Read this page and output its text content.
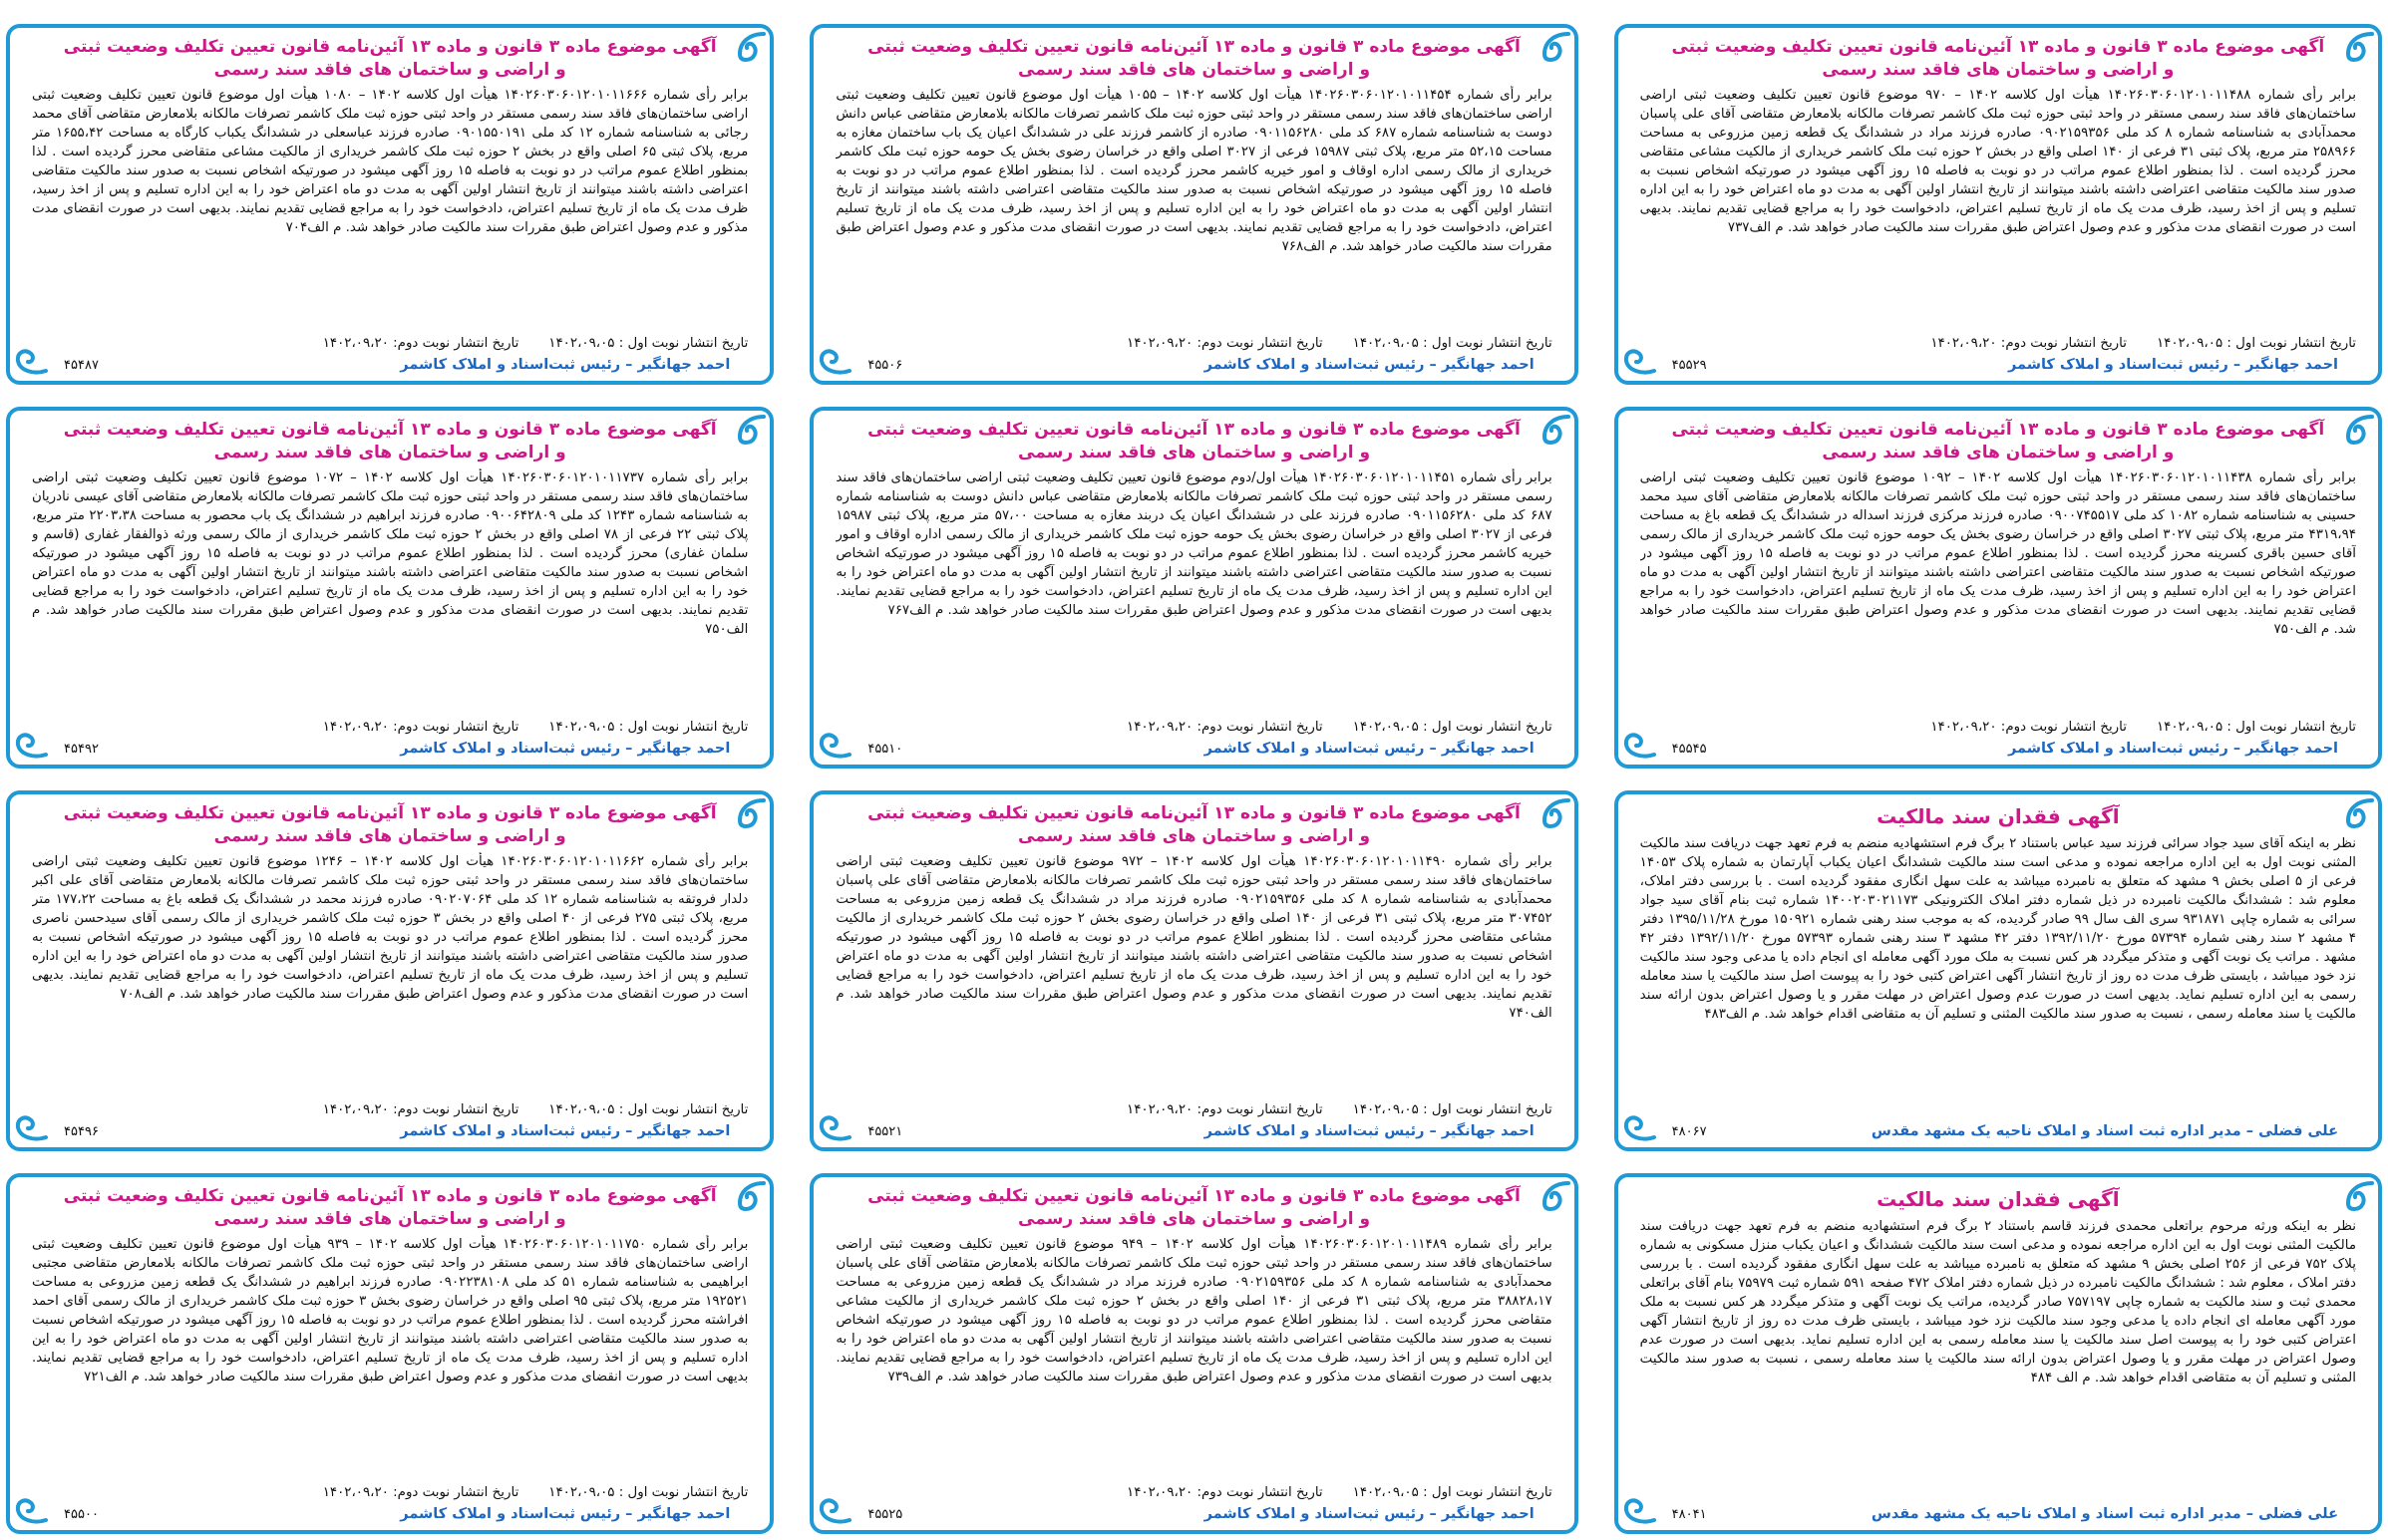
آگهی موضوع ماده ۳ قانون و ماده ۱۳ آئین‌نامه قانون تعیین تکلیف وضعیت ثبتی
و اراضی و ساختمان های فاقد سند رسمی

برابر رأی شماره ۱۴۰۲۶۰۳۰۶۰۱۲۰۱۰۱۱۴۸۸ هیأت اول کلاسه ۱۴۰۲ – ۹۷۰ موضوع قانون تعیین تکلیف وضعیت ثبتی اراضی ساختمان‌های فاقد سند رسمی مستقر در واحد ثبتی حوزه ثبت ملک کاشمر تصرفات مالکانه بلامعارض متقاضی آقای علی پاسبان محمدآبادی به شناسنامه شماره ۸ کد ملی ۰۹۰۲۱۵۹۳۵۶ صادره فرزند مراد در ششدانگ یک قطعه زمین مزروعی به مساحت ۲۵۸۹۶۶ متر مربع، پلاک ثبتی ۳۱ فرعی از ۱۴۰ اصلی واقع در بخش ۲ حوزه ثبت ملک کاشمر خریداری از مالکیت مشاعی متقاضی محرز گردیده است . لذا بمنظور اطلاع عموم مراتب در دو نوبت به فاصله ۱۵ روز آگهی میشود در صورتیکه اشخاص نسبت به صدور سند مالکیت متقاضی اعتراضی داشته باشند میتوانند از تاریخ انتشار اولین آگهی به مدت دو ماه اعتراض خود را به این اداره تسلیم و پس از اخذ رسید، ظرف مدت یک ماه از تاریخ تسلیم اعتراض، دادخواست خود را به مراجع قضایی تقدیم نمایند. بدیهی است در صورت انقضای مدت مذکور و عدم وصول اعتراض طبق مقررات سند مالکیت صادر خواهد شد. م الف۷۳۷

تاریخ انتشار نوبت اول : ۱۴۰۲،۰۹،۰۵تاریخ انتشار نوبت دوم: ۱۴۰۲،۰۹،۲۰

احمد جهانگیر – رئیس ثبت‌اسناد و املاک کاشمر
۴۵۵۲۹
آگهی موضوع ماده ۳ قانون و ماده ۱۳ آئین‌نامه قانون تعیین تکلیف وضعیت ثبتی
و اراضی و ساختمان های فاقد سند رسمی

برابر رأی شماره ۱۴۰۲۶۰۳۰۶۰۱۲۰۱۰۱۱۴۵۴ هیأت اول کلاسه ۱۴۰۲ – ۱۰۵۵ هیأت اول موضوع قانون تعیین تکلیف وضعیت ثبتی اراضی ساختمان‌های فاقد سند رسمی مستقر در واحد ثبتی حوزه ثبت ملک کاشمر تصرفات مالکانه بلامعارض متقاضی عباس دانش دوست به شناسنامه شماره ۶۸۷ کد ملی ۰۹۰۱۱۵۶۲۸۰ صادره از کاشمر فرزند علی در ششدانگ اعیان یک باب ساختمان مغازه به مساحت ۵۲،۱۵ متر مربع، پلاک ثبتی ۱۵۹۸۷ فرعی از ۳۰۲۷ اصلی واقع در خراسان رضوی بخش یک حومه حوزه ثبت ملک کاشمر خریداری از مالک رسمی اداره اوقاف و امور خیریه کاشمر محرز گردیده است . لذا بمنظور اطلاع عموم مراتب در دو نوبت به فاصله ۱۵ روز آگهی میشود در صورتیکه اشخاص نسبت به صدور سند مالکیت متقاضی اعتراضی داشته باشند میتوانند از تاریخ انتشار اولین آگهی به مدت دو ماه اعتراض خود را به این اداره تسلیم و پس از اخذ رسید، ظرف مدت یک ماه از تاریخ تسلیم اعتراض، دادخواست خود را به مراجع قضایی تقدیم نمایند. بدیهی است در صورت انقضای مدت مذکور و عدم وصول اعتراض طبق مقررات سند مالکیت صادر خواهد شد. م الف۷۶۸

تاریخ انتشار نوبت اول : ۱۴۰۲،۰۹،۰۵تاریخ انتشار نوبت دوم: ۱۴۰۲،۰۹،۲۰

احمد جهانگیر – رئیس ثبت‌اسناد و املاک کاشمر
۴۵۵۰۶
آگهی موضوع ماده ۳ قانون و ماده ۱۳ آئین‌نامه قانون تعیین تکلیف وضعیت ثبتی
و اراضی و ساختمان های فاقد سند رسمی

برابر رأی شماره ۱۴۰۲۶۰۳۰۶۰۱۲۰۱۰۱۱۶۶۶ هیأت اول کلاسه ۱۴۰۲ – ۱۰۸۰ هیأت اول موضوع قانون تعیین تکلیف وضعیت ثبتی اراضی ساختمان‌های فاقد سند رسمی مستقر در واحد ثبتی حوزه ثبت ملک کاشمر تصرفات مالکانه بلامعارض متقاضی آقای محمد رجائی به شناسنامه شماره ۱۲ کد ملی ۰۹۰۱۵۵۰۱۹۱ صادره فرزند عباسعلی در ششدانگ یکباب کارگاه به مساحت ۱۶۵۵،۴۲ متر مربع، پلاک ثبتی ۶۵ اصلی واقع در بخش ۲ حوزه ثبت ملک کاشمر خریداری از مالکیت مشاعی متقاضی محرز گردیده است . لذا بمنظور اطلاع عموم مراتب در دو نوبت به فاصله ۱۵ روز آگهی میشود در صورتیکه اشخاص نسبت به صدور سند مالکیت متقاضی اعتراضی داشته باشند میتوانند از تاریخ انتشار اولین آگهی به مدت دو ماه اعتراض خود را به این اداره تسلیم و پس از اخذ رسید، ظرف مدت یک ماه از تاریخ تسلیم اعتراض، دادخواست خود را به مراجع قضایی تقدیم نمایند. بدیهی است در صورت انقضای مدت مذکور و عدم وصول اعتراض طبق مقررات سند مالکیت صادر خواهد شد. م الف۷۰۴

تاریخ انتشار نوبت اول : ۱۴۰۲،۰۹،۰۵تاریخ انتشار نوبت دوم: ۱۴۰۲،۰۹،۲۰

احمد جهانگیر – رئیس ثبت‌اسناد و املاک کاشمر
۴۵۴۸۷
آگهی موضوع ماده ۳ قانون و ماده ۱۳ آئین‌نامه قانون تعیین تکلیف وضعیت ثبتی
و اراضی و ساختمان های فاقد سند رسمی

برابر رأی شماره ۱۴۰۲۶۰۳۰۶۰۱۲۰۱۰۱۱۴۳۸ هیأت اول کلاسه ۱۴۰۲ – ۱۰۹۲ موضوع قانون تعیین تکلیف وضعیت ثبتی اراضی ساختمان‌های فاقد سند رسمی مستقر در واحد ثبتی حوزه ثبت ملک کاشمر تصرفات مالکانه بلامعارض متقاضی آقای سید محمد حسینی به شناسنامه شماره ۱۰۸۲ کد ملی ۰۹۰۰۷۴۵۵۱۷ صادره فرزند مرکزی فرزند اسداله در ششدانگ یک قطعه باغ به مساحت ۴۳۱۹،۹۴ متر مربع، پلاک ثبتی ۳۰۲۷ اصلی واقع در خراسان رضوی بخش یک حومه حوزه ثبت ملک کاشمر خریداری از مالک رسمی آقای حسین باقری کسرینه محرز گردیده است . لذا بمنظور اطلاع عموم مراتب در دو نوبت به فاصله ۱۵ روز آگهی میشود در صورتیکه اشخاص نسبت به صدور سند مالکیت متقاضی اعتراضی داشته باشند میتوانند از تاریخ انتشار اولین آگهی به مدت دو ماه اعتراض خود را به این اداره تسلیم و پس از اخذ رسید، ظرف مدت یک ماه از تاریخ تسلیم اعتراض، دادخواست خود را به مراجع قضایی تقدیم نمایند. بدیهی است در صورت انقضای مدت مذکور و عدم وصول اعتراض طبق مقررات سند مالکیت صادر خواهد شد. م الف۷۵۰

تاریخ انتشار نوبت اول : ۱۴۰۲،۰۹،۰۵تاریخ انتشار نوبت دوم: ۱۴۰۲،۰۹،۲۰

احمد جهانگیر – رئیس ثبت‌اسناد و املاک کاشمر
۴۵۵۴۵
آگهی موضوع ماده ۳ قانون و ماده ۱۳ آئین‌نامه قانون تعیین تکلیف وضعیت ثبتی
و اراضی و ساختمان های فاقد سند رسمی

برابر رأی شماره ۱۴۰۲۶۰۳۰۶۰۱۲۰۱۰۱۱۴۵۱ هیأت اول/دوم موضوع قانون تعیین تکلیف وضعیت ثبتی اراضی ساختمان‌های فاقد سند رسمی مستقر در واحد ثبتی حوزه ثبت ملک کاشمر تصرفات مالکانه بلامعارض متقاضی عباس دانش دوست به شناسنامه شماره ۶۸۷ کد ملی ۰۹۰۱۱۵۶۲۸۰ صادره فرزند علی در ششدانگ اعیان یک دربند مغازه به مساحت ۵۷،۰۰ متر مربع، پلاک ثبتی ۱۵۹۸۷ فرعی از ۳۰۲۷ اصلی واقع در خراسان رضوی بخش یک حومه حوزه ثبت ملک کاشمر خریداری از مالک رسمی اداره اوقاف و امور خیریه کاشمر محرز گردیده است . لذا بمنظور اطلاع عموم مراتب در دو نوبت به فاصله ۱۵ روز آگهی میشود در صورتیکه اشخاص نسبت به صدور سند مالکیت متقاضی اعتراضی داشته باشند میتوانند از تاریخ انتشار اولین آگهی به مدت دو ماه اعتراض خود را به این اداره تسلیم و پس از اخذ رسید، ظرف مدت یک ماه از تاریخ تسلیم اعتراض، دادخواست خود را به مراجع قضایی تقدیم نمایند. بدیهی است در صورت انقضای مدت مذکور و عدم وصول اعتراض طبق مقررات سند مالکیت صادر خواهد شد. م الف۷۶۷

تاریخ انتشار نوبت اول : ۱۴۰۲،۰۹،۰۵تاریخ انتشار نوبت دوم: ۱۴۰۲،۰۹،۲۰

احمد جهانگیر – رئیس ثبت‌اسناد و املاک کاشمر
۴۵۵۱۰
آگهی موضوع ماده ۳ قانون و ماده ۱۳ آئین‌نامه قانون تعیین تکلیف وضعیت ثبتی
و اراضی و ساختمان های فاقد سند رسمی

برابر رأی شماره ۱۴۰۲۶۰۳۰۶۰۱۲۰۱۰۱۱۷۳۷ هیأت اول کلاسه ۱۴۰۲ – ۱۰۷۲ موضوع قانون تعیین تکلیف وضعیت ثبتی اراضی ساختمان‌های فاقد سند رسمی مستقر در واحد ثبتی حوزه ثبت ملک کاشمر تصرفات مالکانه بلامعارض متقاضی آقای عیسی نادریان به شناسنامه شماره ۱۲۴۳ کد ملی ۰۹۰۰۶۴۲۸۰۹ صادره فرزند ابراهیم در ششدانگ یک باب محصور به مساحت ۲۲۰۳،۳۸ متر مربع، پلاک ثبتی ۲۲ فرعی از ۷۸ اصلی واقع در بخش ۲ حوزه ثبت ملک کاشمر خریداری از مالک رسمی ورثه ذوالفقار غفاری (قاسم و سلمان غفاری) محرز گردیده است . لذا بمنظور اطلاع عموم مراتب در دو نوبت به فاصله ۱۵ روز آگهی میشود در صورتیکه اشخاص نسبت به صدور سند مالکیت متقاضی اعتراضی داشته باشند میتوانند از تاریخ انتشار اولین آگهی به مدت دو ماه اعتراض خود را به این اداره تسلیم و پس از اخذ رسید، ظرف مدت یک ماه از تاریخ تسلیم اعتراض، دادخواست خود را به مراجع قضایی تقدیم نمایند. بدیهی است در صورت انقضای مدت مذکور و عدم وصول اعتراض طبق مقررات سند مالکیت صادر خواهد شد. م الف۷۵۰

تاریخ انتشار نوبت اول : ۱۴۰۲،۰۹،۰۵تاریخ انتشار نوبت دوم: ۱۴۰۲،۰۹،۲۰

احمد جهانگیر – رئیس ثبت‌اسناد و املاک کاشمر
۴۵۴۹۲
آگهی فقدان سند مالکیت

نظر به اینکه آقای سید جواد سرائی فرزند سید عباس باستناد ۲ برگ فرم استشهادیه منضم به فرم تعهد جهت دریافت سند مالکیت المثنی نوبت اول به این اداره مراجعه نموده و مدعی است سند مالکیت ششدانگ اعیان یکباب آپارتمان به شماره پلاک ۱۴۰۵۳ فرعی از ۵ اصلی بخش ۹ مشهد که متعلق به نامبرده میباشد به علت سهل انگاری مفقود گردیده است . با بررسی دفتر املاک، معلوم شد : ششدانگ مالکیت نامبرده در ذیل شماره دفتر املاک الکترونیکی ۱۴۰۰۲۰۳۰۲۱۱۷۳ شماره ثبت بنام آقای سید جواد سرائی به شماره چاپی ۹۳۱۸۷۱ سری الف سال ۹۹ صادر گردیده، که به موجب سند رهنی شماره ۱۵۰۹۲۱ مورخ ۱۳۹۵/۱۱/۲۸ دفتر ۴ مشهد ۲ سند رهنی شماره ۵۷۳۹۴ مورخ ۱۳۹۲/۱۱/۲۰ دفتر ۴۲ مشهد ۳ سند رهنی شماره ۵۷۳۹۳ مورخ ۱۳۹۲/۱۱/۲۰ دفتر ۴۲ مشهد . مراتب یک نوبت آگهی و متذکر میگردد هر کس نسبت به ملک مورد آگهی معامله ای انجام داده یا مدعی وجود سند مالکیت نزد خود میباشد ، بایستی ظرف مدت ده روز از تاریخ انتشار آگهی اعتراض کتبی خود را به پیوست اصل سند مالکیت یا سند معامله رسمی به این اداره تسلیم نماید. بدیهی است در صورت عدم وصول اعتراض در مهلت مقرر و یا وصول اعتراض بدون ارائه سند مالکیت یا سند معامله رسمی ، نسبت به صدور سند مالکیت المثنی و تسلیم آن به متقاضی اقدام خواهد شد. م الف۴۸۳

علی فضلی – مدیر اداره ثبت اسناد و املاک ناحیه یک مشهد مقدس
۴۸۰۶۷
آگهی موضوع ماده ۳ قانون و ماده ۱۳ آئین‌نامه قانون تعیین تکلیف وضعیت ثبتی
و اراضی و ساختمان های فاقد سند رسمی

برابر رأی شماره ۱۴۰۲۶۰۳۰۶۰۱۲۰۱۰۱۱۴۹۰ هیأت اول کلاسه ۱۴۰۲ – ۹۷۲ موضوع قانون تعیین تکلیف وضعیت ثبتی اراضی ساختمان‌های فاقد سند رسمی مستقر در واحد ثبتی حوزه ثبت ملک کاشمر تصرفات مالکانه بلامعارض متقاضی آقای علی پاسبان محمدآبادی به شناسنامه شماره ۸ کد ملی ۰۹۰۲۱۵۹۳۵۶ صادره فرزند مراد در ششدانگ یک قطعه زمین مزروعی به مساحت ۳۰۷۴۵۲ متر مربع، پلاک ثبتی ۳۱ فرعی از ۱۴۰ اصلی واقع در خراسان رضوی بخش ۲ حوزه ثبت ملک کاشمر خریداری از مالکیت مشاعی متقاضی محرز گردیده است . لذا بمنظور اطلاع عموم مراتب در دو نوبت به فاصله ۱۵ روز آگهی میشود در صورتیکه اشخاص نسبت به صدور سند مالکیت متقاضی اعتراضی داشته باشند میتوانند از تاریخ انتشار اولین آگهی به مدت دو ماه اعتراض خود را به این اداره تسلیم و پس از اخذ رسید، ظرف مدت یک ماه از تاریخ تسلیم اعتراض، دادخواست خود را به مراجع قضایی تقدیم نمایند. بدیهی است در صورت انقضای مدت مذکور و عدم وصول اعتراض طبق مقررات سند مالکیت صادر خواهد شد. م الف۷۴۰

تاریخ انتشار نوبت اول : ۱۴۰۲،۰۹،۰۵تاریخ انتشار نوبت دوم: ۱۴۰۲،۰۹،۲۰

احمد جهانگیر – رئیس ثبت‌اسناد و املاک کاشمر
۴۵۵۲۱
آگهی موضوع ماده ۳ قانون و ماده ۱۳ آئین‌نامه قانون تعیین تکلیف وضعیت ثبتی
و اراضی و ساختمان های فاقد سند رسمی

برابر رأی شماره ۱۴۰۲۶۰۳۰۶۰۱۲۰۱۰۱۱۶۶۲ هیأت اول کلاسه ۱۴۰۲ – ۱۲۴۶ موضوع قانون تعیین تکلیف وضعیت ثبتی اراضی ساختمان‌های فاقد سند رسمی مستقر در واحد ثبتی حوزه ثبت ملک کاشمر تصرفات مالکانه بلامعارض متقاضی آقای علی اکبر دلدار فروتقه به شناسنامه شماره ۱۲ کد ملی ۰۹۰۲۰۷۰۶۴ صادره فرزند محمد در ششدانگ یک قطعه باغ به مساحت ۱۷۷،۲۲ متر مربع، پلاک ثبتی ۲۷۵ فرعی از ۴۰ اصلی واقع در بخش ۳ حوزه ثبت ملک کاشمر خریداری از مالک رسمی آقای سیدحسن ناصری محرز گردیده است . لذا بمنظور اطلاع عموم مراتب در دو نوبت به فاصله ۱۵ روز آگهی میشود در صورتیکه اشخاص نسبت به صدور سند مالکیت متقاضی اعتراضی داشته باشند میتوانند از تاریخ انتشار اولین آگهی به مدت دو ماه اعتراض خود را به این اداره تسلیم و پس از اخذ رسید، ظرف مدت یک ماه از تاریخ تسلیم اعتراض، دادخواست خود را به مراجع قضایی تقدیم نمایند. بدیهی است در صورت انقضای مدت مذکور و عدم وصول اعتراض طبق مقررات سند مالکیت صادر خواهد شد. م الف۷۰۸

تاریخ انتشار نوبت اول : ۱۴۰۲،۰۹،۰۵تاریخ انتشار نوبت دوم: ۱۴۰۲،۰۹،۲۰

احمد جهانگیر – رئیس ثبت‌اسناد و املاک کاشمر
۴۵۴۹۶
آگهی فقدان سند مالکیت

نظر به اینکه ورثه مرحوم براتعلی محمدی فرزند قاسم باستناد ۲ برگ فرم استشهادیه منضم به فرم تعهد جهت دریافت سند مالکیت المثنی نوبت اول به این اداره مراجعه نموده و مدعی است سند مالکیت ششدانگ و اعیان یکباب منزل مسکونی به شماره پلاک ۷۵۲ فرعی از ۲۵۶ اصلی بخش ۹ مشهد که متعلق به نامبرده میباشد به علت سهل انگاری مفقود گردیده است . با بررسی دفتر املاک ، معلوم شد : ششدانگ مالکیت نامبرده در ذیل شماره دفتر املاک ۴۷۲ صفحه ۵۹۱ شماره ثبت ۷۵۹۷۹ بنام آقای براتعلی محمدی ثبت و سند مالکیت به شماره چاپی ۷۵۷۱۹۷ صادر گردیده، مراتب یک نوبت آگهی و متذکر میگردد هر کس نسبت به ملک مورد آگهی معامله ای انجام داده یا مدعی وجود سند مالکیت نزد خود میباشد ، بایستی ظرف مدت ده روز از تاریخ انتشار آگهی اعتراض کتبی خود را به پیوست اصل سند مالکیت یا سند معامله رسمی به این اداره تسلیم نماید. بدیهی است در صورت عدم وصول اعتراض در مهلت مقرر و یا وصول اعتراض بدون ارائه سند مالکیت یا سند معامله رسمی ، نسبت به صدور سند مالکیت المثنی و تسلیم آن به متقاضی اقدام خواهد شد. م الف ۴۸۴

علی فضلی – مدیر اداره ثبت اسناد و املاک ناحیه یک مشهد مقدس
۴۸۰۴۱
آگهی موضوع ماده ۳ قانون و ماده ۱۳ آئین‌نامه قانون تعیین تکلیف وضعیت ثبتی
و اراضی و ساختمان های فاقد سند رسمی

برابر رأی شماره ۱۴۰۲۶۰۳۰۶۰۱۲۰۱۰۱۱۴۸۹ هیأت اول کلاسه ۱۴۰۲ – ۹۴۹ موضوع قانون تعیین تکلیف وضعیت ثبتی اراضی ساختمان‌های فاقد سند رسمی مستقر در واحد ثبتی حوزه ثبت ملک کاشمر تصرفات مالکانه بلامعارض متقاضی آقای علی پاسبان محمدآبادی به شناسنامه شماره ۸ کد ملی ۰۹۰۲۱۵۹۳۵۶ صادره فرزند مراد در ششدانگ یک قطعه زمین مزروعی به مساحت ۳۸۸۲۸،۱۷ متر مربع، پلاک ثبتی ۳۱ فرعی از ۱۴۰ اصلی واقع در بخش ۲ حوزه ثبت ملک کاشمر خریداری از مالکیت مشاعی متقاضی محرز گردیده است . لذا بمنظور اطلاع عموم مراتب در دو نوبت به فاصله ۱۵ روز آگهی میشود در صورتیکه اشخاص نسبت به صدور سند مالکیت متقاضی اعتراضی داشته باشند میتوانند از تاریخ انتشار اولین آگهی به مدت دو ماه اعتراض خود را به این اداره تسلیم و پس از اخذ رسید، ظرف مدت یک ماه از تاریخ تسلیم اعتراض، دادخواست خود را به مراجع قضایی تقدیم نمایند. بدیهی است در صورت انقضای مدت مذکور و عدم وصول اعتراض طبق مقررات سند مالکیت صادر خواهد شد. م الف۷۳۹

تاریخ انتشار نوبت اول : ۱۴۰۲،۰۹،۰۵تاریخ انتشار نوبت دوم: ۱۴۰۲،۰۹،۲۰

احمد جهانگیر – رئیس ثبت‌اسناد و املاک کاشمر
۴۵۵۲۵
آگهی موضوع ماده ۳ قانون و ماده ۱۳ آئین‌نامه قانون تعیین تکلیف وضعیت ثبتی
و اراضی و ساختمان های فاقد سند رسمی

برابر رأی شماره ۱۴۰۲۶۰۳۰۶۰۱۲۰۱۰۱۱۷۵۰ هیأت اول کلاسه ۱۴۰۲ – ۹۳۹ هیأت اول موضوع قانون تعیین تکلیف وضعیت ثبتی اراضی ساختمان‌های فاقد سند رسمی مستقر در واحد ثبتی حوزه ثبت ملک کاشمر تصرفات مالکانه بلامعارض متقاضی مجتبی ابراهیمی به شناسنامه شماره ۵۱ کد ملی ۰۹۰۲۲۳۸۱۰۸ صادره فرزند ابراهیم در ششدانگ یک قطعه زمین مزروعی به مساحت ۱۹۲۵۲۱ متر مربع، پلاک ثبتی ۹۵ اصلی واقع در خراسان رضوی بخش ۳ حوزه ثبت ملک کاشمر خریداری از مالک رسمی آقای احمد افراشته محرز گردیده است . لذا بمنظور اطلاع عموم مراتب در دو نوبت به فاصله ۱۵ روز آگهی میشود در صورتیکه اشخاص نسبت به صدور سند مالکیت متقاضی اعتراضی داشته باشند میتوانند از تاریخ انتشار اولین آگهی به مدت دو ماه اعتراض خود را به این اداره تسلیم و پس از اخذ رسید، ظرف مدت یک ماه از تاریخ تسلیم اعتراض، دادخواست خود را به مراجع قضایی تقدیم نمایند. بدیهی است در صورت انقضای مدت مذکور و عدم وصول اعتراض طبق مقررات سند مالکیت صادر خواهد شد. م الف۷۲۱

تاریخ انتشار نوبت اول : ۱۴۰۲،۰۹،۰۵تاریخ انتشار نوبت دوم: ۱۴۰۲،۰۹،۲۰

احمد جهانگیر – رئیس ثبت‌اسناد و املاک کاشمر
۴۵۵۰۰
